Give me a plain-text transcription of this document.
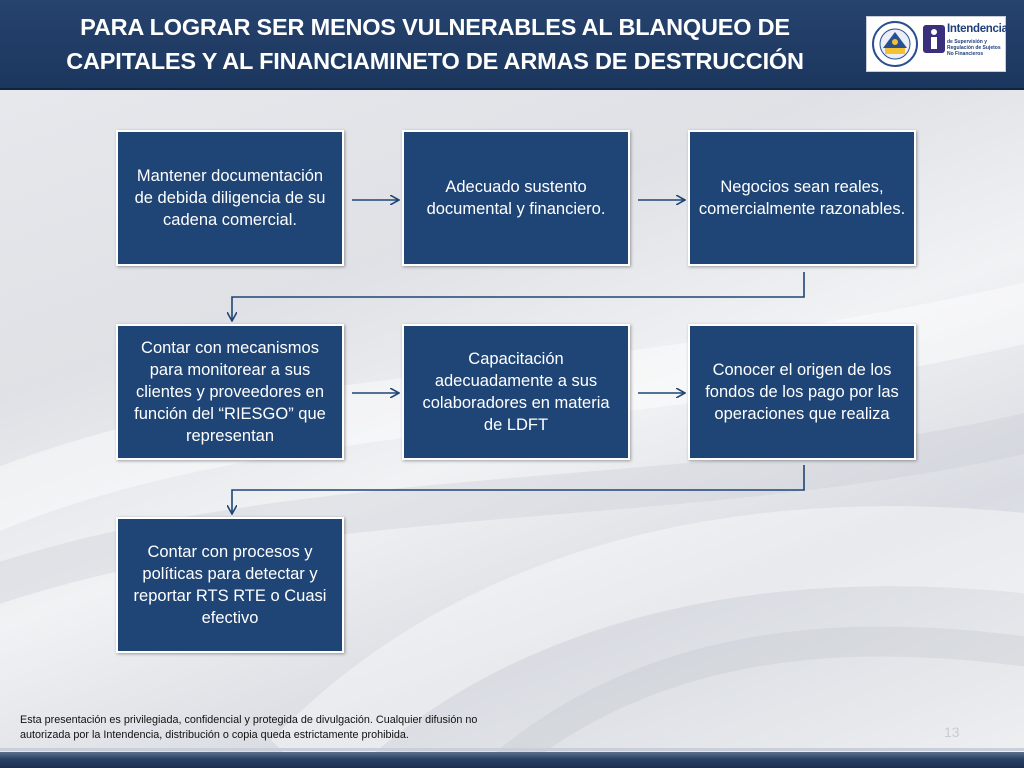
PARA LOGRAR SER MENOS VULNERABLES AL BLANQUEO DE
CAPITALES Y AL FINANCIAMINETO DE ARMAS DE DESTRUCCIÓN
Intendencia
de Supervisión y Regulación de Sujetos No Financieros
Mantener documentación de debida diligencia de su cadena comercial.
Adecuado sustento documental y financiero.
Negocios sean reales, comercialmente razonables.
Contar con mecanismos para monitorear a sus clientes y proveedores en función del “RIESGO” que representan
Capacitación adecuadamente a sus colaboradores en materia de LDFT
Conocer el origen de los fondos de los pago por las operaciones que realiza
Contar con procesos y políticas para detectar y reportar RTS RTE o Cuasi efectivo
Esta presentación es privilegiada, confidencial y protegida de divulgación. Cualquier difusión no
autorizada por la Intendencia, distribución o copia queda estrictamente prohibida.	13
